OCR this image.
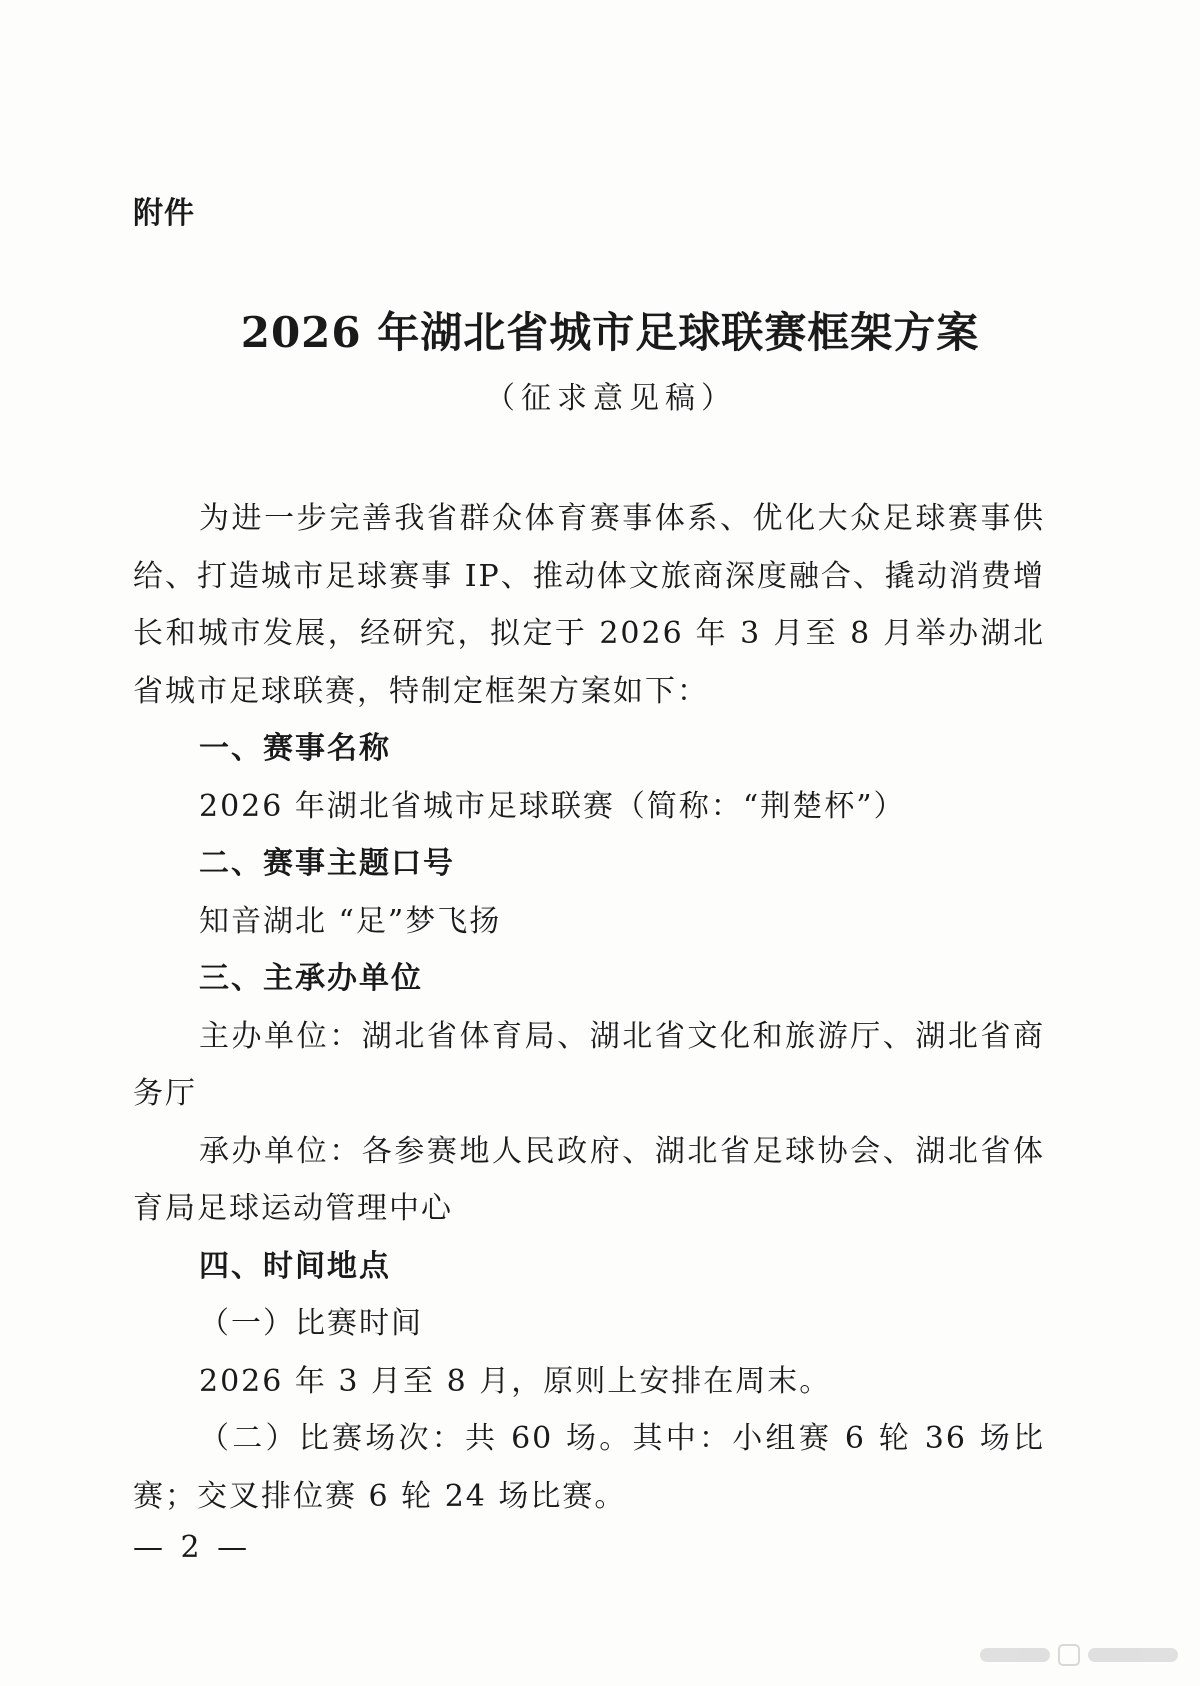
附件
2026 年湖北省城市足球联赛框架方案
（征求意见稿）

为进一步完善我省群众体育赛事体系、优化大众足球赛事供给、打造城市足球赛事 IP、推动体文旅商深度融合、撬动消费增长和城市发展，经研究，拟定于 2026 年 3 月至 8 月举办湖北省城市足球联赛，特制定框架方案如下：

一、赛事名称

2026 年湖北省城市足球联赛（简称：“荆楚杯”）

二、赛事主题口号

知音湖北 “足”梦飞扬

三、主承办单位

主办单位：湖北省体育局、湖北省文化和旅游厅、湖北省商务厅

承办单位：各参赛地人民政府、湖北省足球协会、湖北省体育局足球运动管理中心

四、时间地点

（一）比赛时间

2026 年 3 月至 8 月，原则上安排在周末。

（二）比赛场次：共 60 场。其中：小组赛 6 轮 36 场比赛；交叉排位赛 6 轮 24 场比赛。

— 2 —
